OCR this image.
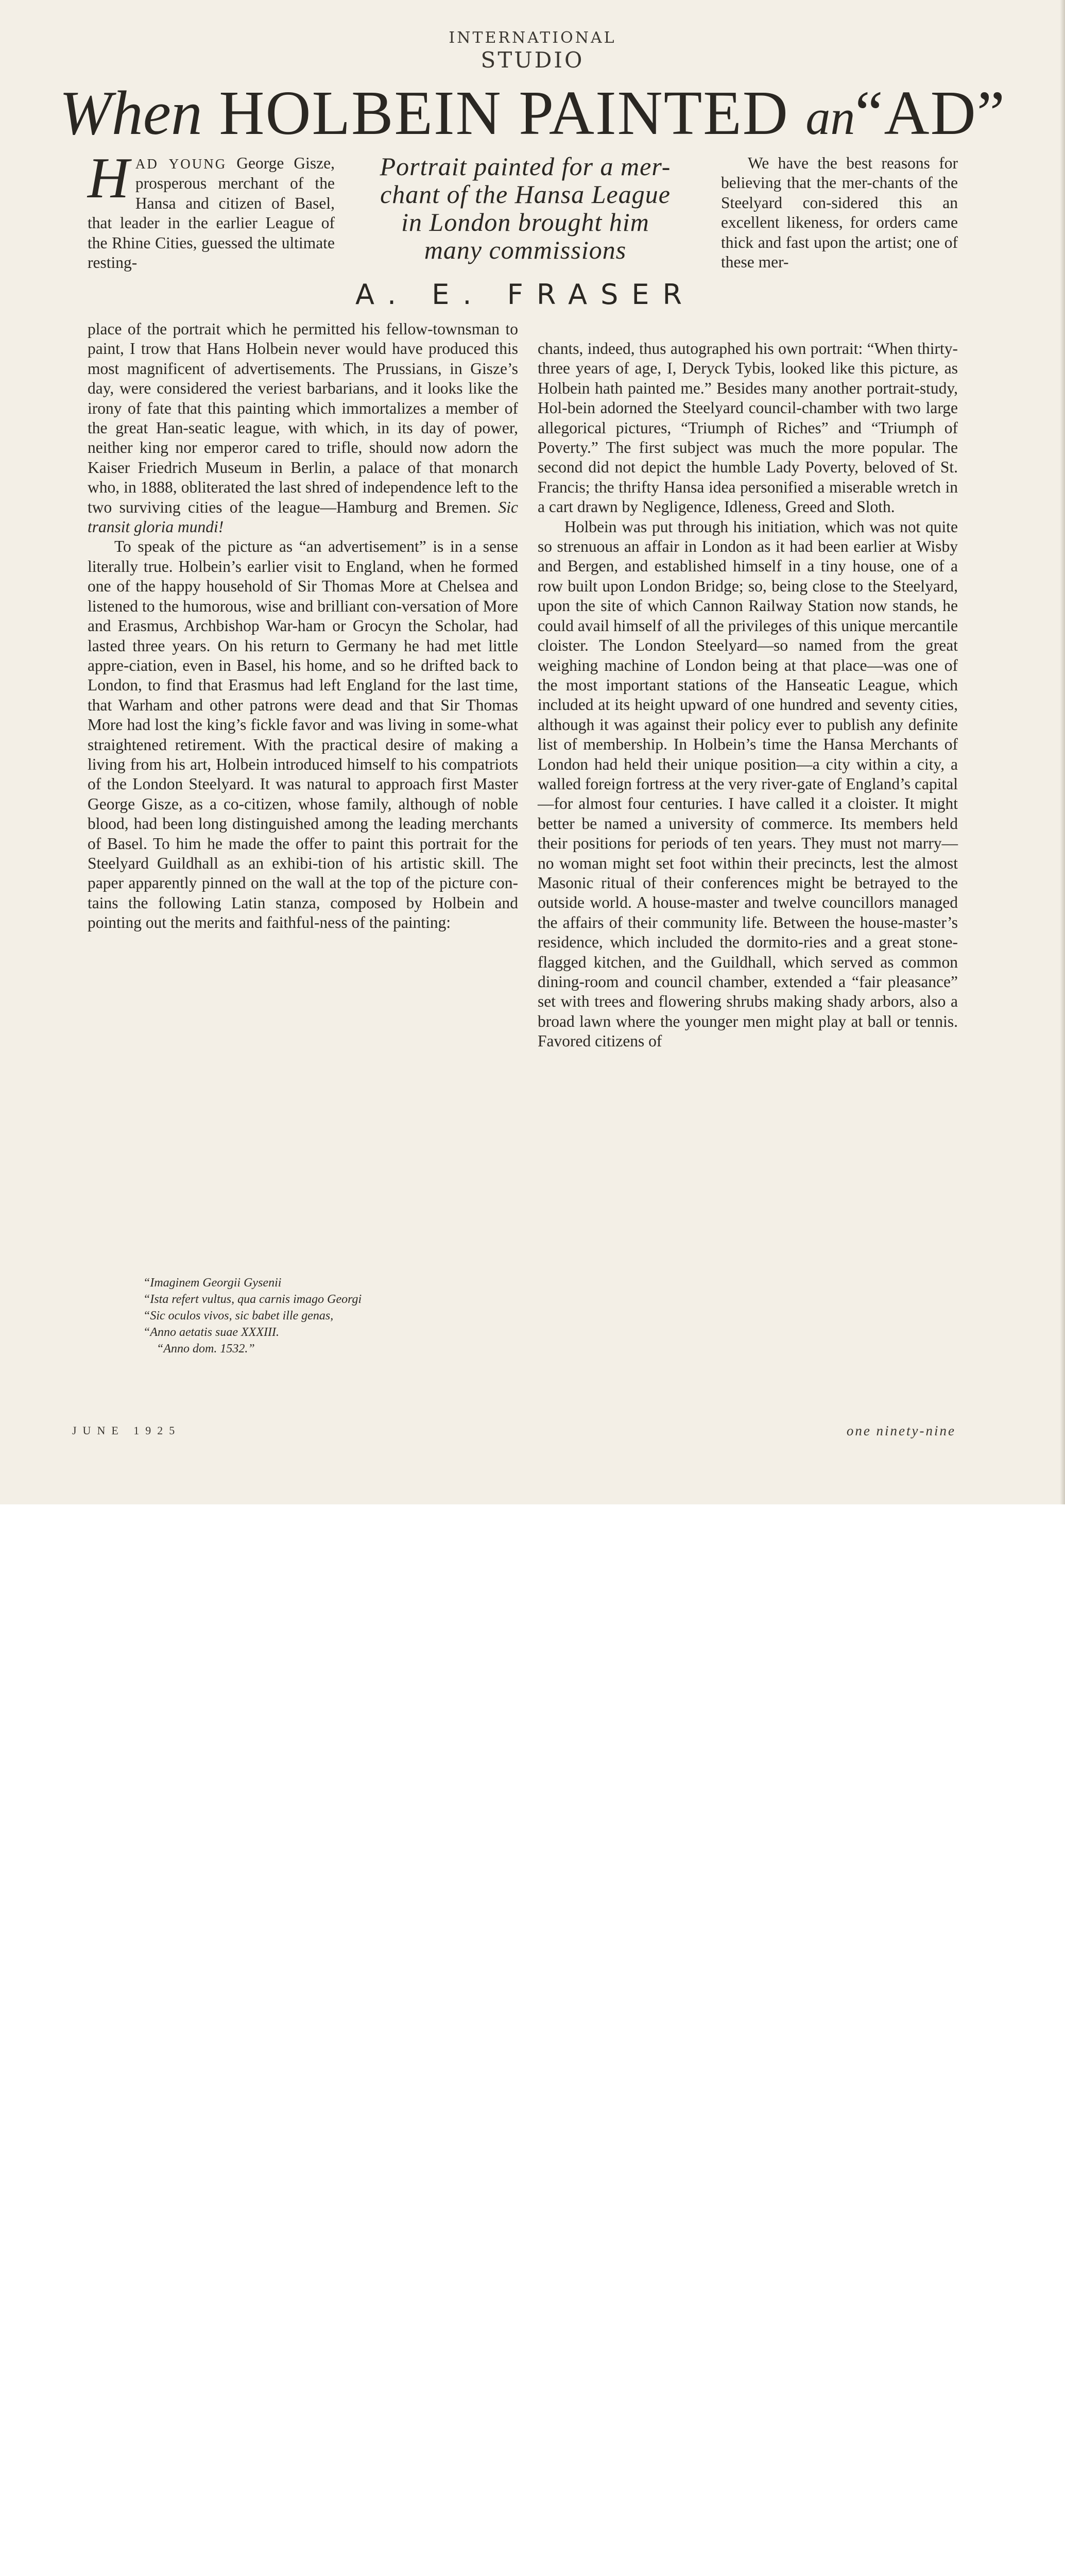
INTERNATIONAL
STUDIO
When HOLBEIN PAINTED an“AD”

HAD YOUNG George Gisze, prosperous merchant of the Hansa and citizen of Basel, that leader in the earlier League of the Rhine Cities, guessed the ultimate resting-

Portrait painted for a mer-
chant of the Hansa League
in London brought him
many commissions
A. E. FRASER

We have the best reasons for believing that the mer-chants of the Steelyard con-sidered this an excellent likeness, for orders came thick and fast upon the artist; one of these mer-

place of the portrait which he permitted his fellow-townsman to paint, I trow that Hans Holbein never would have produced this most magnificent of advertisements. The Prussians, in Gisze’s day, were considered the veriest barbarians, and it looks like the irony of fate that this painting which immortalizes a member of the great Han-seatic league, with which, in its day of power, neither king nor emperor cared to trifle, should now adorn the Kaiser Friedrich Museum in Berlin, a palace of that monarch who, in 1888, obliterated the last shred of independence left to the two surviving cities of the league—Hamburg and Bremen. Sic transit gloria mundi!

To speak of the picture as “an advertisement” is in a sense literally true. Holbein’s earlier visit to England, when he formed one of the happy household of Sir Thomas More at Chelsea and listened to the humorous, wise and brilliant con-versation of More and Erasmus, Archbishop War-ham or Grocyn the Scholar, had lasted three years. On his return to Germany he had met little appre-ciation, even in Basel, his home, and so he drifted back to London, to find that Erasmus had left England for the last time, that Warham and other patrons were dead and that Sir Thomas More had lost the king’s fickle favor and was living in some-what straightened retirement. With the practical desire of making a living from his art, Holbein introduced himself to his compatriots of the London Steelyard. It was natural to approach first Master George Gisze, as a co-citizen, whose family, although of noble blood, had been long distinguished among the leading merchants of Basel. To him he made the offer to paint this portrait for the Steelyard Guildhall as an exhibi-tion of his artistic skill. The paper apparently pinned on the wall at the top of the picture con-tains the following Latin stanza, composed by Holbein and pointing out the merits and faithful-ness of the painting:

“Imaginem Georgii Gysenii
“Ista refert vultus, qua carnis imago Georgi
“Sic oculos vivos, sic babet ille genas,
“Anno aetatis suae XXXIII.
“Anno dom. 1532.”

chants, indeed, thus autographed his own portrait: “When thirty-three years of age, I, Deryck Tybis, looked like this picture, as Holbein hath painted me.” Besides many another portrait-study, Hol-bein adorned the Steelyard council-chamber with two large allegorical pictures, “Triumph of Riches” and “Triumph of Poverty.” The first subject was much the more popular. The second did not depict the humble Lady Poverty, beloved of St. Francis; the thrifty Hansa idea personified a miserable wretch in a cart drawn by Negligence, Idleness, Greed and Sloth.

Holbein was put through his initiation, which was not quite so strenuous an affair in London as it had been earlier at Wisby and Bergen, and established himself in a tiny house, one of a row built upon London Bridge; so, being close to the Steelyard, upon the site of which Cannon Railway Station now stands, he could avail himself of all the privileges of this unique mercantile cloister. The London Steelyard—so named from the great weighing machine of London being at that place—was one of the most important stations of the Hanseatic League, which included at its height upward of one hundred and seventy cities, although it was against their policy ever to publish any definite list of membership. In Holbein’s time the Hansa Merchants of London had held their unique position—a city within a city, a walled foreign fortress at the very river-gate of England’s capital —for almost four centuries. I have called it a cloister. It might better be named a university of commerce. Its members held their positions for periods of ten years. They must not marry—no woman might set foot within their precincts, lest the almost Masonic ritual of their conferences might be betrayed to the outside world. A house-master and twelve councillors managed the affairs of their community life. Between the house-master’s residence, which included the dormito-ries and a great stone-flagged kitchen, and the Guildhall, which served as common dining-room and council chamber, extended a “fair pleasance” set with trees and flowering shrubs making shady arbors, also a broad lawn where the younger men might play at ball or tennis. Favored citizens of

JUNE 1925	one ninety-nine
